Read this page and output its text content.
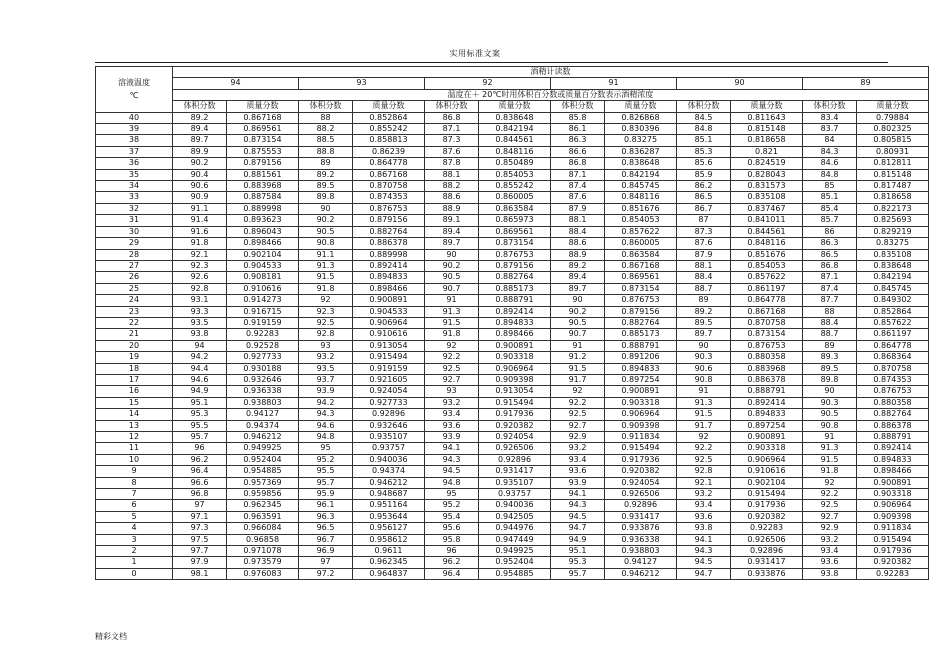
实用标准文案
溶液温度
℃	酒精计读数											
	94		93		92		91		90		89	
	温度在＋ 20℃时用体积百分数或质量百分数表示酒精浓度											
	体积分数	质量分数	体积分数	质量分数	体积分数	质量分数	体积分数	质量分数	体积分数	质量分数	体积分数	质量分数
40	89.2	0.867168	88	0.852864	86.8	0.838648	85.8	0.826868	84.5	0.811643	83.4	0.79884
39	89.4	0.869561	88.2	0.855242	87.1	0.842194	86.1	0.830396	84.8	0.815148	83.7	0.802325
38	89.7	0.873154	88.5	0.858813	87.3	0.844561	86.3	0.83275	85.1	0.818658	84	0.805815
37	89.9	0.875553	88.8	0.86239	87.6	0.848116	86.6	0.836287	85.3	0.821	84.3	0.80931
36	90.2	0.879156	89	0.864778	87.8	0.850489	86.8	0.838648	85.6	0.824519	84.6	0.812811
35	90.4	0.881561	89.2	0.867168	88.1	0.854053	87.1	0.842194	85.9	0.828043	84.8	0.815148
34	90.6	0.883968	89.5	0.870758	88.2	0.855242	87.4	0.845745	86.2	0.831573	85	0.817487
33	90.9	0.887584	89.8	0.874353	88.6	0.860005	87.6	0.848116	86.5	0.835108	85.1	0.818658
32	91.1	0.889998	90	0.876753	88.9	0.863584	87.9	0.851676	86.7	0.837467	85.4	0.822173
31	91.4	0.893623	90.2	0.879156	89.1	0.865973	88.1	0.854053	87	0.841011	85.7	0.825693
30	91.6	0.896043	90.5	0.882764	89.4	0.869561	88.4	0.857622	87.3	0.844561	86	0.829219
29	91.8	0.898466	90.8	0.886378	89.7	0.873154	88.6	0.860005	87.6	0.848116	86.3	0.83275
28	92.1	0.902104	91.1	0.889998	90	0.876753	88.9	0.863584	87.9	0.851676	86.5	0.835108
27	92.3	0.904533	91.3	0.892414	90.2	0.879156	89.2	0.867168	88.1	0.854053	86.8	0.838648
26	92.6	0.908181	91.5	0.894833	90.5	0.882764	89.4	0.869561	88.4	0.857622	87.1	0.842194
25	92.8	0.910616	91.8	0.898466	90.7	0.885173	89.7	0.873154	88.7	0.861197	87.4	0.845745
24	93.1	0.914273	92	0.900891	91	0.888791	90	0.876753	89	0.864778	87.7	0.849302
23	93.3	0.916715	92.3	0.904533	91.3	0.892414	90.2	0.879156	89.2	0.867168	88	0.852864
22	93.5	0.919159	92.5	0.906964	91.5	0.894833	90.5	0.882764	89.5	0.870758	88.4	0.857622
21	93.8	0.92283	92.8	0.910616	91.8	0.898466	90.7	0.885173	89.7	0.873154	88.7	0.861197
20	94	0.92528	93	0.913054	92	0.900891	91	0.888791	90	0.876753	89	0.864778
19	94.2	0.927733	93.2	0.915494	92.2	0.903318	91.2	0.891206	90.3	0.880358	89.3	0.868364
18	94.4	0.930188	93.5	0.919159	92.5	0.906964	91.5	0.894833	90.6	0.883968	89.5	0.870758
17	94.6	0.932646	93.7	0.921605	92.7	0.909398	91.7	0.897254	90.8	0.886378	89.8	0.874353
16	94.9	0.936338	93.9	0.924054	93	0.913054	92	0.900891	91	0.888791	90	0.876753
15	95.1	0.938803	94.2	0.927733	93.2	0.915494	92.2	0.903318	91.3	0.892414	90.3	0.880358
14	95.3	0.94127	94.3	0.92896	93.4	0.917936	92.5	0.906964	91.5	0.894833	90.5	0.882764
13	95.5	0.94374	94.6	0.932646	93.6	0.920382	92.7	0.909398	91.7	0.897254	90.8	0.886378
12	95.7	0.946212	94.8	0.935107	93.9	0.924054	92.9	0.911834	92	0.900891	91	0.888791
11	96	0.949925	95	0.93757	94.1	0.926506	93.2	0.915494	92.2	0.903318	91.3	0.892414
10	96.2	0.952404	95.2	0.940036	94.3	0.92896	93.4	0.917936	92.5	0.906964	91.5	0.894833
9	96.4	0.954885	95.5	0.94374	94.5	0.931417	93.6	0.920382	92.8	0.910616	91.8	0.898466
8	96.6	0.957369	95.7	0.946212	94.8	0.935107	93.9	0.924054	92.1	0.902104	92	0.900891
7	96.8	0.959856	95.9	0.948687	95	0.93757	94.1	0.926506	93.2	0.915494	92.2	0.903318
6	97	0.962345	96.1	0.951164	95.2	0.940036	94.3	0.92896	93.4	0.917936	92.5	0.906964
5	97.1	0.963591	96.3	0.953644	95.4	0.942505	94.5	0.931417	93.6	0.920382	92.7	0.909398
4	97.3	0.966084	96.5	0.956127	95.6	0.944976	94.7	0.933876	93.8	0.92283	92.9	0.911834
3	97.5	0.96858	96.7	0.958612	95.8	0.947449	94.9	0.936338	94.1	0.926506	93.2	0.915494
2	97.7	0.971078	96.9	0.9611	96	0.949925	95.1	0.938803	94.3	0.92896	93.4	0.917936
1	97.9	0.973579	97	0.962345	96.2	0.952404	95.3	0.94127	94.5	0.931417	93.6	0.920382
0	98.1	0.976083	97.2	0.964837	96.4	0.954885	95.7	0.946212	94.7	0.933876	93.8	0.92283
精彩文档
